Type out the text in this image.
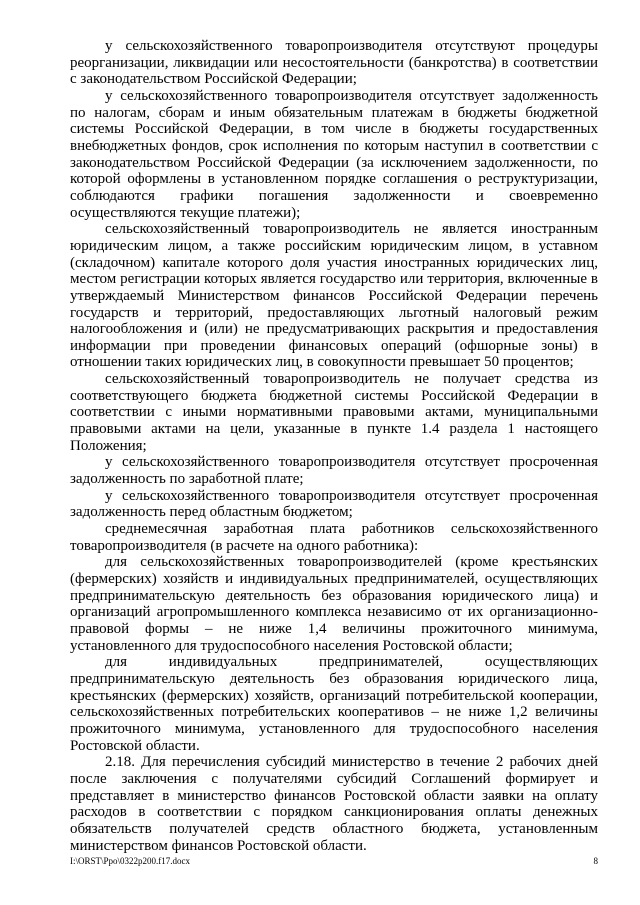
у сельскохозяйственного товаропроизводителя отсутствуют процедуры реорганизации, ликвидации или несостоятельности (банкротства) в соответствии с законодательством Российской Федерации;

у сельскохозяйственного товаропроизводителя отсутствует задолженность по налогам, сборам и иным обязательным платежам в бюджеты бюджетной системы Российской Федерации, в том числе в бюджеты государственных внебюджетных фондов, срок исполнения по которым наступил в соответствии с законодательством Российской Федерации (за исключением задолженности, по которой оформлены в установленном порядке соглашения о реструктуризации, соблюдаются графики погашения задолженности и своевременно осуществляются текущие платежи);

сельскохозяйственный товаропроизводитель не является иностранным юридическим лицом, а также российским юридическим лицом, в уставном (складочном) капитале которого доля участия иностранных юридических лиц, местом регистрации которых является государство или территория, включенные в утверждаемый Министерством финансов Российской Федерации перечень государств и территорий, предоставляющих льготный налоговый режим налогообложения и (или) не предусматривающих раскрытия и предоставления информации при проведении финансовых операций (офшорные зоны) в отношении таких юридических лиц, в совокупности превышает 50 процентов;

сельскохозяйственный товаропроизводитель не получает средства из соответствующего бюджета бюджетной системы Российской Федерации в соответствии с иными нормативными правовыми актами, муниципальными правовыми актами на цели, указанные в пункте 1.4 раздела 1 настоящего Положения;

у сельскохозяйственного товаропроизводителя отсутствует просроченная задолженность по заработной плате;

у сельскохозяйственного товаропроизводителя отсутствует просроченная задолженность перед областным бюджетом;

среднемесячная заработная плата работников сельскохозяйственного товаропроизводителя (в расчете на одного работника):

для сельскохозяйственных товаропроизводителей (кроме крестьянских (фермерских) хозяйств и индивидуальных предпринимателей, осуществляющих предпринимательскую деятельность без образования юридического лица) и организаций агропромышленного комплекса независимо от их организационно-правовой формы – не ниже 1,4 величины прожиточного минимума, установленного для трудоспособного населения Ростовской области;

для индивидуальных предпринимателей, осуществляющих предпринимательскую деятельность без образования юридического лица, крестьянских (фермерских) хозяйств, организаций потребительской кооперации, сельскохозяйственных потребительских кооперативов – не ниже 1,2 величины прожиточного минимума, установленного для трудоспособного населения Ростовской области.

2.18. Для перечисления субсидий министерство в течение 2 рабочих дней после заключения с получателями субсидий Соглашений формирует и представляет в министерство финансов Ростовской области заявки на оплату расходов в соответствии с порядком санкционирования оплаты денежных обязательств получателей средств областного бюджета, установленным министерством финансов Ростовской области.

I:\ORST\Ppo\0322p200.f17.docx	8
